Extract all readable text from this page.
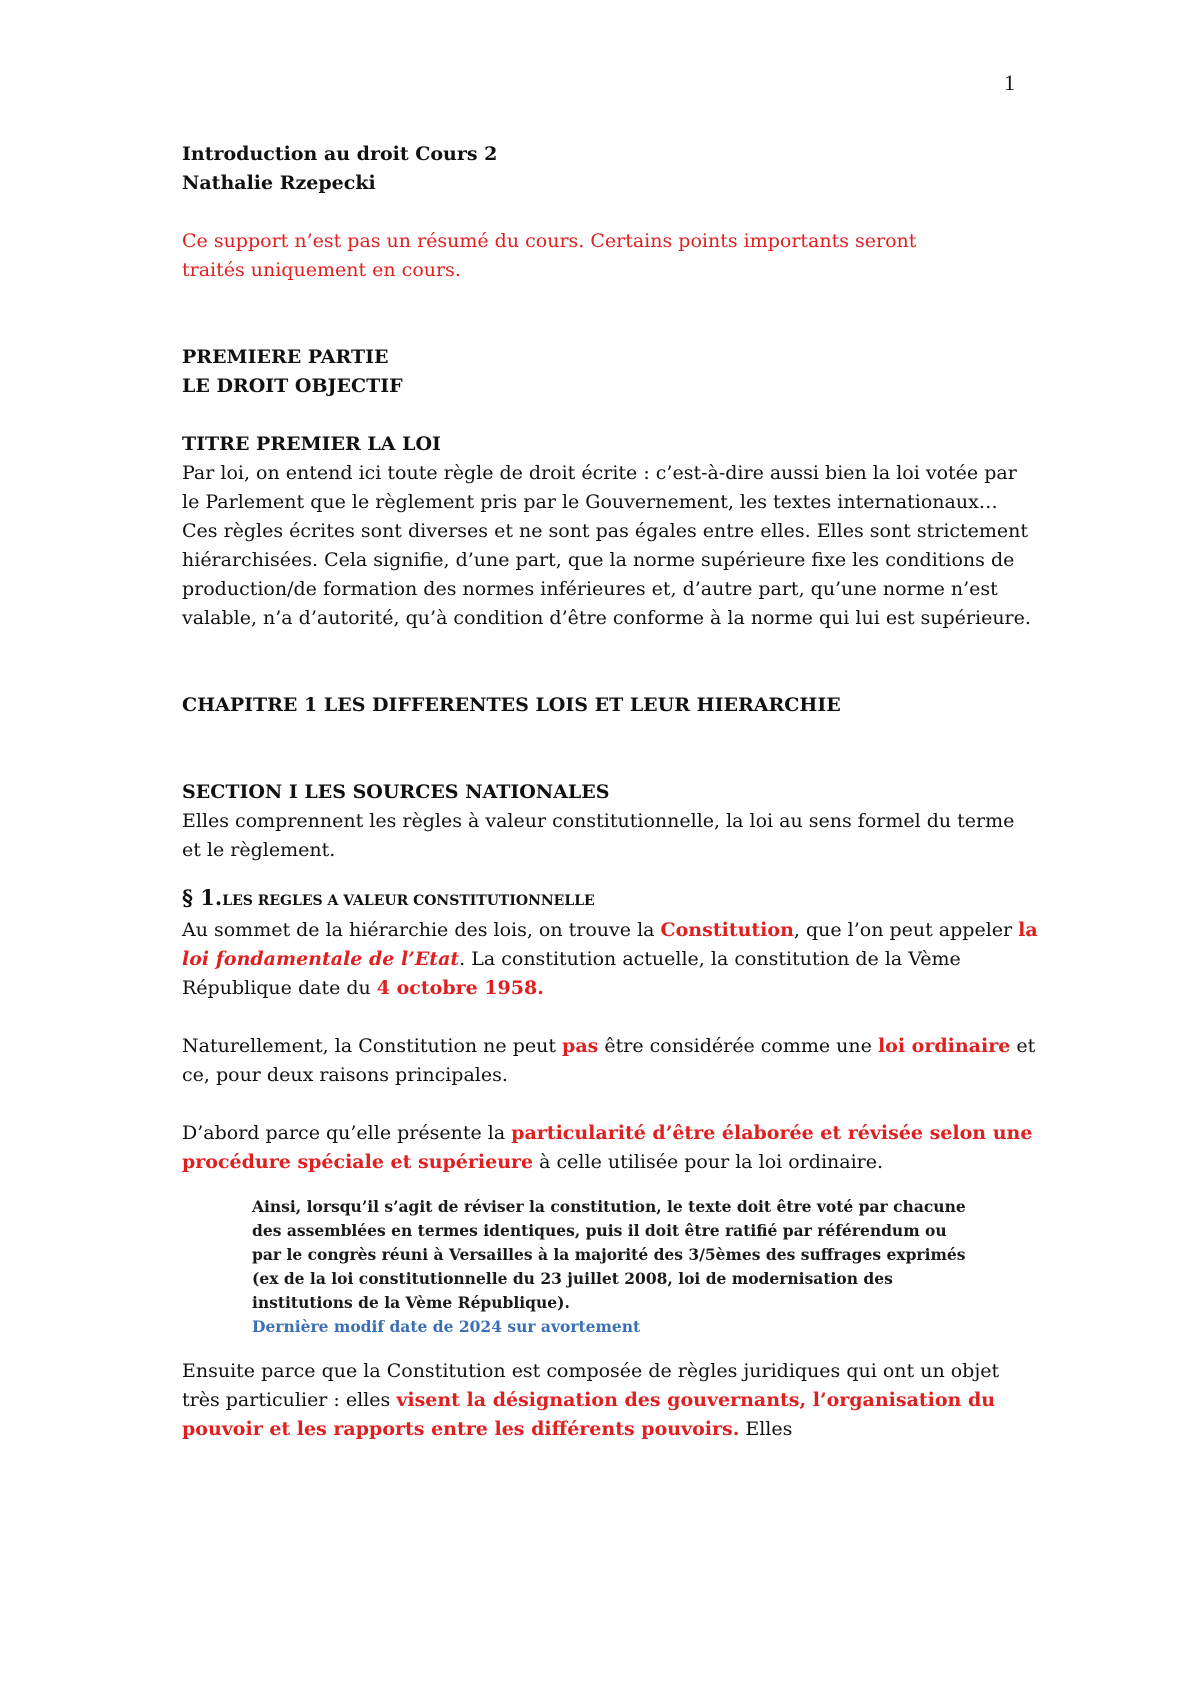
1

Introduction au droit Cours 2

Nathalie Rzepecki

Ce support n’est pas un résumé du cours. Certains points importants seront

traités uniquement en cours.

PREMIERE PARTIE

LE DROIT OBJECTIF

TITRE PREMIER LA LOI

Par loi, on entend ici toute règle de droit écrite : c’est-à-dire aussi bien la loi votée par le Parlement que le règlement pris par le Gouvernement, les textes internationaux…

Ces règles écrites sont diverses et ne sont pas égales entre elles. Elles sont strictement hiérarchisées. Cela signifie, d’une part, que la norme supérieure fixe les conditions de production/de formation des normes inférieures et, d’autre part, qu’une norme n’est valable, n’a d’autorité, qu’à condition d’être conforme à la norme qui lui est supérieure.

CHAPITRE 1 LES DIFFERENTES LOIS ET LEUR HIERARCHIE

SECTION I LES SOURCES NATIONALES

Elles comprennent les règles à valeur constitutionnelle, la loi au sens formel du terme et le règlement.

§ 1.LES REGLES A VALEUR CONSTITUTIONNELLE

Au sommet de la hiérarchie des lois, on trouve la Constitution, que l’on peut appeler la loi fondamentale de l’Etat. La constitution actuelle, la constitution de la Vème République date du 4 octobre 1958.

Naturellement, la Constitution ne peut pas être considérée comme une loi ordinaire et ce, pour deux raisons principales.

D’abord parce qu’elle présente la particularité d’être élaborée et révisée selon une procédure spéciale et supérieure à celle utilisée pour la loi ordinaire.

Ainsi, lorsqu’il s’agit de réviser la constitution, le texte doit être voté par chacune des assemblées en termes identiques, puis il doit être ratifié par référendum ou par le congrès réuni à Versailles à la majorité des 3/5èmes des suffrages exprimés (ex de la loi constitutionnelle du 23 juillet 2008, loi de modernisation des institutions de la Vème République).

Dernière modif date de 2024 sur avortement

Ensuite parce que la Constitution est composée de règles juridiques qui ont un objet très particulier : elles visent la désignation des gouvernants, l’organisation du pouvoir et les rapports entre les différents pouvoirs. Elles
